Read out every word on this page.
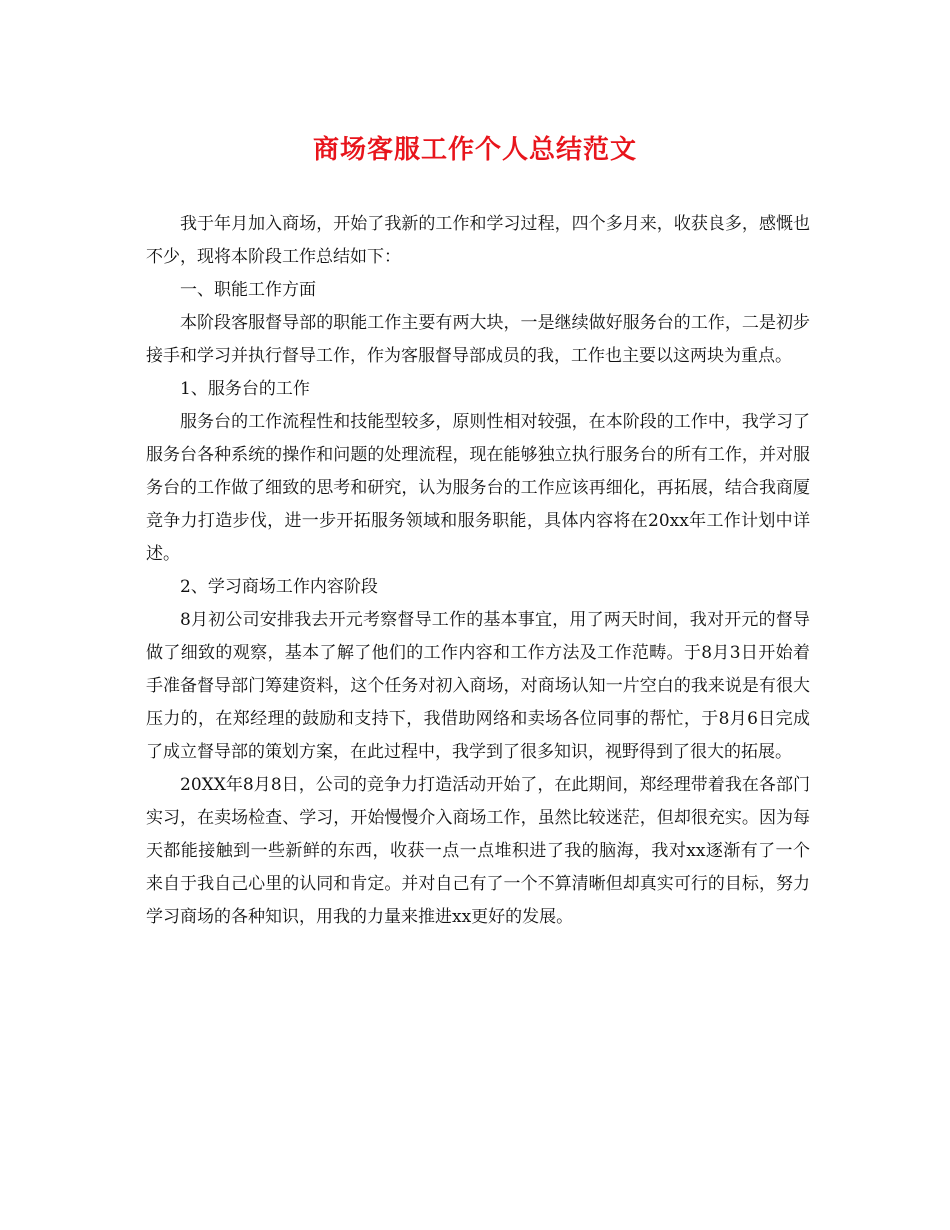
商场客服工作个人总结范文

我于年月加入商场，开始了我新的工作和学习过程，四个多月来，收获良多，感慨也不少，现将本阶段工作总结如下：

一、职能工作方面

本阶段客服督导部的职能工作主要有两大块，一是继续做好服务台的工作，二是初步接手和学习并执行督导工作，作为客服督导部成员的我，工作也主要以这两块为重点。

1、服务台的工作

服务台的工作流程性和技能型较多，原则性相对较强，在本阶段的工作中，我学习了服务台各种系统的操作和问题的处理流程，现在能够独立执行服务台的所有工作，并对服务台的工作做了细致的思考和研究，认为服务台的工作应该再细化，再拓展，结合我商厦竞争力打造步伐，进一步开拓服务领域和服务职能，具体内容将在20xx年工作计划中详述。

2、学习商场工作内容阶段

8月初公司安排我去开元考察督导工作的基本事宜，用了两天时间，我对开元的督导做了细致的观察，基本了解了他们的工作内容和工作方法及工作范畴。于8月3日开始着手准备督导部门筹建资料，这个任务对初入商场，对商场认知一片空白的我来说是有很大压力的，在郑经理的鼓励和支持下，我借助网络和卖场各位同事的帮忙，于8月6日完成了成立督导部的策划方案，在此过程中，我学到了很多知识，视野得到了很大的拓展。

20XX年8月8日，公司的竞争力打造活动开始了，在此期间，郑经理带着我在各部门实习，在卖场检查、学习，开始慢慢介入商场工作，虽然比较迷茫，但却很充实。因为每天都能接触到一些新鲜的东西，收获一点一点堆积进了我的脑海，我对xx逐渐有了一个来自于我自己心里的认同和肯定。并对自己有了一个不算清晰但却真实可行的目标，努力学习商场的各种知识，用我的力量来推进xx更好的发展。
